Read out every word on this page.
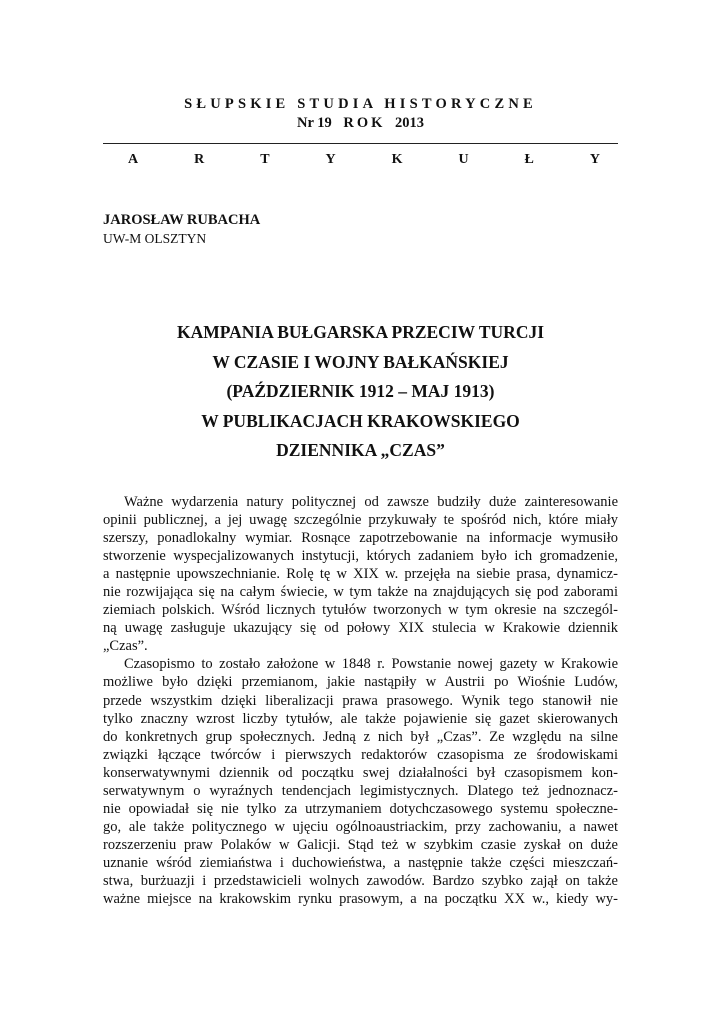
SŁUPSKIE STUDIA HISTORYCZNE
Nr 19 ROK 2013
A	R	T	Y	K	U	Ł	Y
JAROSŁAW RUBACHA
UW-M OLSZTYN
KAMPANIA BUŁGARSKA PRZECIW TURCJI
W CZASIE I WOJNY BAŁKAŃSKIEJ
(PAŹDZIERNIK 1912 – MAJ 1913)
W PUBLIKACJACH KRAKOWSKIEGO
DZIENNIKA „CZAS”
Ważne wydarzenia natury politycznej od zawsze budziły duże zainteresowanie
opinii publicznej, a jej uwagę szczególnie przykuwały te spośród nich, które miały
szerszy, ponadlokalny wymiar. Rosnące zapotrzebowanie na informacje wymusiło
stworzenie wyspecjalizowanych instytucji, których zadaniem było ich gromadzenie,
a następnie upowszechnianie. Rolę tę w XIX w. przejęła na siebie prasa, dynamicz-
nie rozwijająca się na całym świecie, w tym także na znajdujących się pod zaborami
ziemiach polskich. Wśród licznych tytułów tworzonych w tym okresie na szczegól-
ną uwagę zasługuje ukazujący się od połowy XIX stulecia w Krakowie dziennik
„Czas”.
Czasopismo to zostało założone w 1848 r. Powstanie nowej gazety w Krakowie
możliwe było dzięki przemianom, jakie nastąpiły w Austrii po Wiośnie Ludów,
przede wszystkim dzięki liberalizacji prawa prasowego. Wynik tego stanowił nie
tylko znaczny wzrost liczby tytułów, ale także pojawienie się gazet skierowanych
do konkretnych grup społecznych. Jedną z nich był „Czas”. Ze względu na silne
związki łączące twórców i pierwszych redaktorów czasopisma ze środowiskami
konserwatywnymi dziennik od początku swej działalności był czasopismem kon-
serwatywnym o wyraźnych tendencjach legimistycznych. Dlatego też jednoznacz-
nie opowiadał się nie tylko za utrzymaniem dotychczasowego systemu społeczne-
go, ale także politycznego w ujęciu ogólnoaustriackim, przy zachowaniu, a nawet
rozszerzeniu praw Polaków w Galicji. Stąd też w szybkim czasie zyskał on duże
uznanie wśród ziemiaństwa i duchowieństwa, a następnie także części mieszczań-
stwa, burżuazji i przedstawicieli wolnych zawodów. Bardzo szybko zajął on także
ważne miejsce na krakowskim rynku prasowym, a na początku XX w., kiedy wy-
